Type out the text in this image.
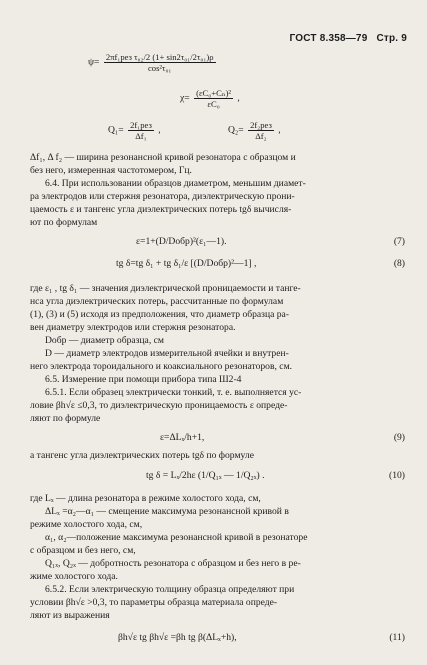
ГОСТ 8.358—79 Стр. 9
$\psi= \frac{\text{2πf₁рез τ₀₂/2 (1+ sin2τ₀₁/2τ₀₁)ρ}}{\text{cos²τ₀₁}}$
$\chi= \frac{\text{(εC₀+Cₙ)²}}{\text{εC₀}}$ ,
$Q_1= \frac{\text{2f₁рез}}{\text{Δf₁}}$ ,	$Q_2= \frac{\text{2f₂рез}}{\text{Δf₂}}$ ,
Δf₁, Δ f₂ — ширина резонансной кривой резонатора с образцом и
без него, измеренная частотомером, Гц.
6.4. При использовании образцов диаметром, меньшим диамет-
ра электродов или стержня резонатора, диэлектрическую прони-
цаемость ε и тангенс угла диэлектрических потерь tgδ вычисля-
ют по формулам
ε=1+(D/Dобр)²(ε₁—1).	(7)
tg δ=tg δ₁ + tg δ₁/ε [(D/Dобр)²—1] ,	(8)
где ε₁ , tg δ₁ — значения диэлектрической проницаемости и танге-
нса угла диэлектрических потерь, рассчитанные по формулам
(1), (3) и (5) исходя из предположения, что диаметр образца ра-
вен диаметру электродов или стержня резонатора.
Dобр — диаметр образца, см
D — диаметр электродов измерительной ячейки и внутрен-
него электрода тороидального и коаксиального резонаторов, см.
6.5. Измерение при помощи прибора типа Ш2-4
6.5.1. Если образец электрически тонкий, т. е. выполняется ус-
ловие βh√ε ≤0,3, то диэлектрическую проницаемость ε опреде-
ляют по формуле
ε=ΔLₓ/h+1,	(9)
а тангенс угла диэлектрических потерь tgδ по формуле
tg δ = Lₓ/2hε (1/Q₁ₓ — 1/Q₂ₓ) .	(10)
где Lₓ — длина резонатора в режиме холостого хода, см,
ΔLₓ =α₂—α₁ — смещение максимума резонансной кривой в
режиме холостого хода, см,
α₁, α₂—положение максимума резонансной кривой в резонаторе
с образцом и без него, см,
Q₁ₓ, Q₂ₓ — добротность резонатора с образцом и без него в ре-
жиме холостого хода.
6.5.2. Если электрическую толщину образца определяют при
условии βh√ε >0,3, то параметры образца материала опреде-
ляют из выражения
βh√ε tg βh√ε =βh tg β(ΔLₓ+h),	(11)
